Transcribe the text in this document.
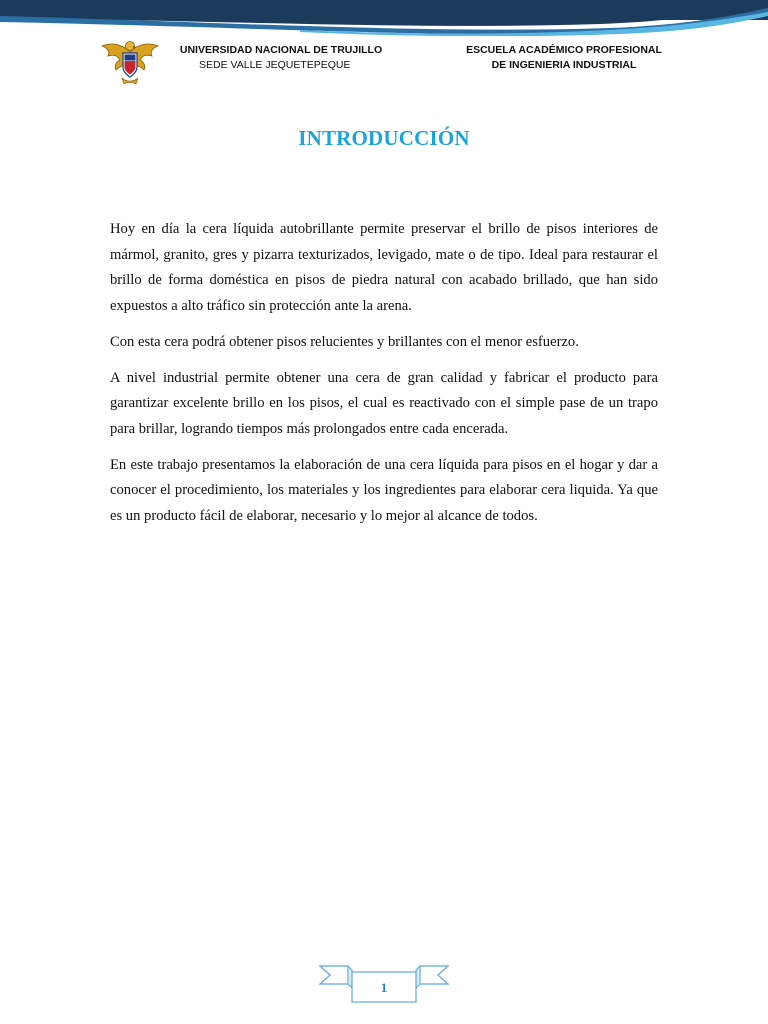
UNIVERSIDAD NACIONAL DE TRUJILLO
SEDE VALLE JEQUETEPEQUE
ESCUELA ACADÉMICO PROFESIONAL
DE INGENIERIA INDUSTRIAL
INTRODUCCIÓN

Hoy en día la cera líquida autobrillante permite preservar el brillo de pisos interiores de mármol, granito, gres y pizarra texturizados, levigado, mate o de tipo. Ideal para restaurar el brillo de forma doméstica en pisos de piedra natural con acabado brillado, que han sido expuestos a alto tráfico sin protección ante la arena.

Con esta cera podrá obtener pisos relucientes y brillantes con el menor esfuerzo.

A nivel industrial permite obtener una cera de gran calidad y fabricar el producto para garantizar excelente brillo en los pisos, el cual es reactivado con el simple pase de un trapo para brillar, logrando tiempos más prolongados entre cada encerada.

En este trabajo presentamos la elaboración de una cera líquida para pisos en el hogar y dar a conocer el procedimiento, los materiales y los ingredientes para elaborar cera liquida. Ya que es un producto fácil de elaborar, necesario y lo mejor al alcance de todos.

1
